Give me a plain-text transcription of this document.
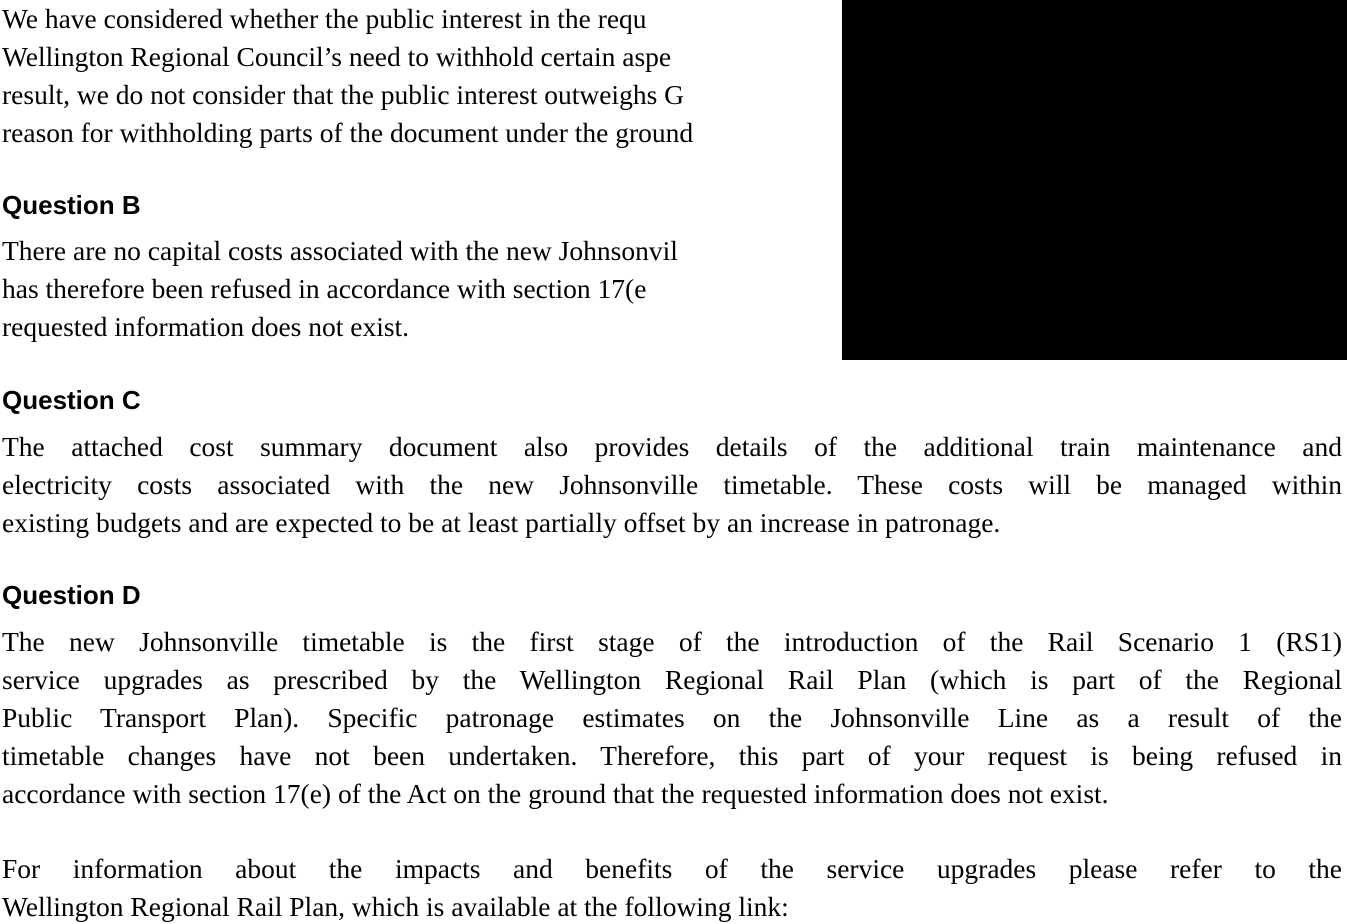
We have considered whether the public interest in the requ
Wellington Regional Council’s need to withhold certain aspe
result, we do not consider that the public interest outweighs G
reason for withholding parts of the document under the ground
Question B
There are no capital costs associated with the new Johnsonvil
has therefore been refused in accordance with section 17(e
requested information does not exist.
Question C
The attached cost summary document also provides details of the additional train maintenance and
electricity costs associated with the new Johnsonville timetable. These costs will be managed within
existing budgets and are expected to be at least partially offset by an increase in patronage.
Question D
The new Johnsonville timetable is the first stage of the introduction of the Rail Scenario 1 (RS1)
service upgrades as prescribed by the Wellington Regional Rail Plan (which is part of the Regional
Public Transport Plan). Specific patronage estimates on the Johnsonville Line as a result of the
timetable changes have not been undertaken. Therefore, this part of your request is being refused in
accordance with section 17(e) of the Act on the ground that the requested information does not exist.
For information about the impacts and benefits of the service upgrades please refer to the
Wellington Regional Rail Plan, which is available at the following link:
